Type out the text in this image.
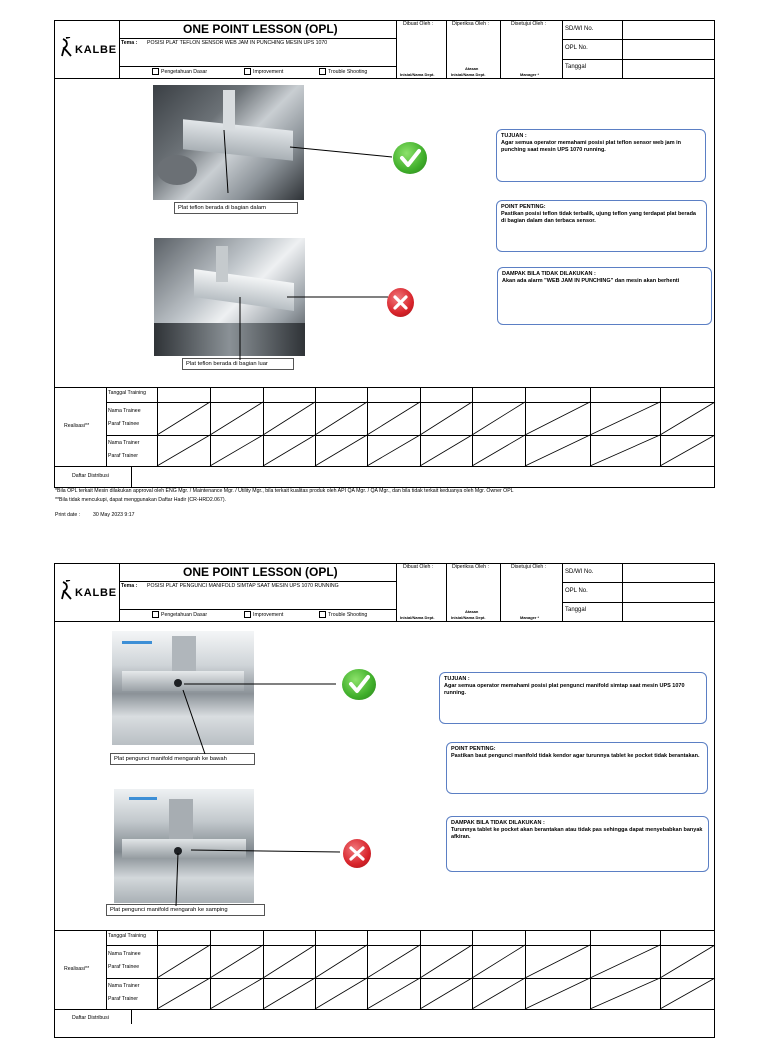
KALBE
ONE POINT LESSON (OPL)
Tema : POSISI PLAT TEFLON SENSOR WEB JAM IN PUNCHING MESIN UPS 1070
Pengetahuan Dasar	Improvement	Trouble Shooting
Dibuat Oleh :	Diperiksa Oleh :	Disetujui Oleh :
Inisial/Nama Dept.
Atasan
Inisial/Nama Dept.	Manager *
SD/WI No.
OPL No.
Tanggal
Plat teflon berada di bagian dalam
Plat teflon berada di bagian luar
TUJUAN :
Agar semua operator memahami posisi plat teflon sensor web jam in punching saat mesin UPS 1070 running.
POINT PENTING:
Pastikan posisi teflon tidak terbalik, ujung teflon yang terdapat plat berada di bagian dalam dan terbaca sensor.
DAMPAK BILA TIDAK DILAKUKAN :
Akan ada alarm "WEB JAM IN PUNCHING" dan mesin akan berhenti
Tanggal Training
Nama Trainee
Paraf Trainee
Nama Trainer
Paraf Trainer
Realisasi**
Daftar Distribusi
*Bila OPL terkait Mesin dilakukan approval oleh ENG Mgr. / Maintenance Mgr. / Utility Mgr., bila terkait kualitas produk oleh API QA Mgr. / QA Mgr., dan bila tidak terkait keduanya oleh Mgr. Owner OPL
**Bila tidak mencukupi, dapat menggunakan Daftar Hadir (CR-HRD2.067).
Print date : 30 May 2023 9:17
KALBE
ONE POINT LESSON (OPL)
Tema : POSISI PLAT PENGUNCI MANIFOLD SIMTAP SAAT MESIN UPS 1070 RUNNING
Pengetahuan Dasar	Improvement	Trouble Shooting
Dibuat Oleh :	Diperiksa Oleh :	Disetujui Oleh :
Inisial/Nama Dept.
Atasan
Inisial/Nama Dept.	Manager *
SD/WI No.
OPL No.
Tanggal
Plat pengunci manifold mengarah ke bawah
Plat pengunci manifold mengarah ke samping
TUJUAN :
Agar semua operator memahami posisi plat pengunci manifold simtap saat mesin UPS 1070 running.
POINT PENTING:
Pastikan baut pengunci manifold tidak kendor agar turunnya tablet ke pocket tidak berantakan.
DAMPAK BILA TIDAK DILAKUKAN :
Turunnya tablet ke pocket akan berantakan atau tidak pas sehingga dapat menyebabkan banyak afkiran.
Tanggal Training
Nama Trainee
Paraf Trainee
Nama Trainer
Paraf Trainer
Realisasi**
Daftar Distribusi
